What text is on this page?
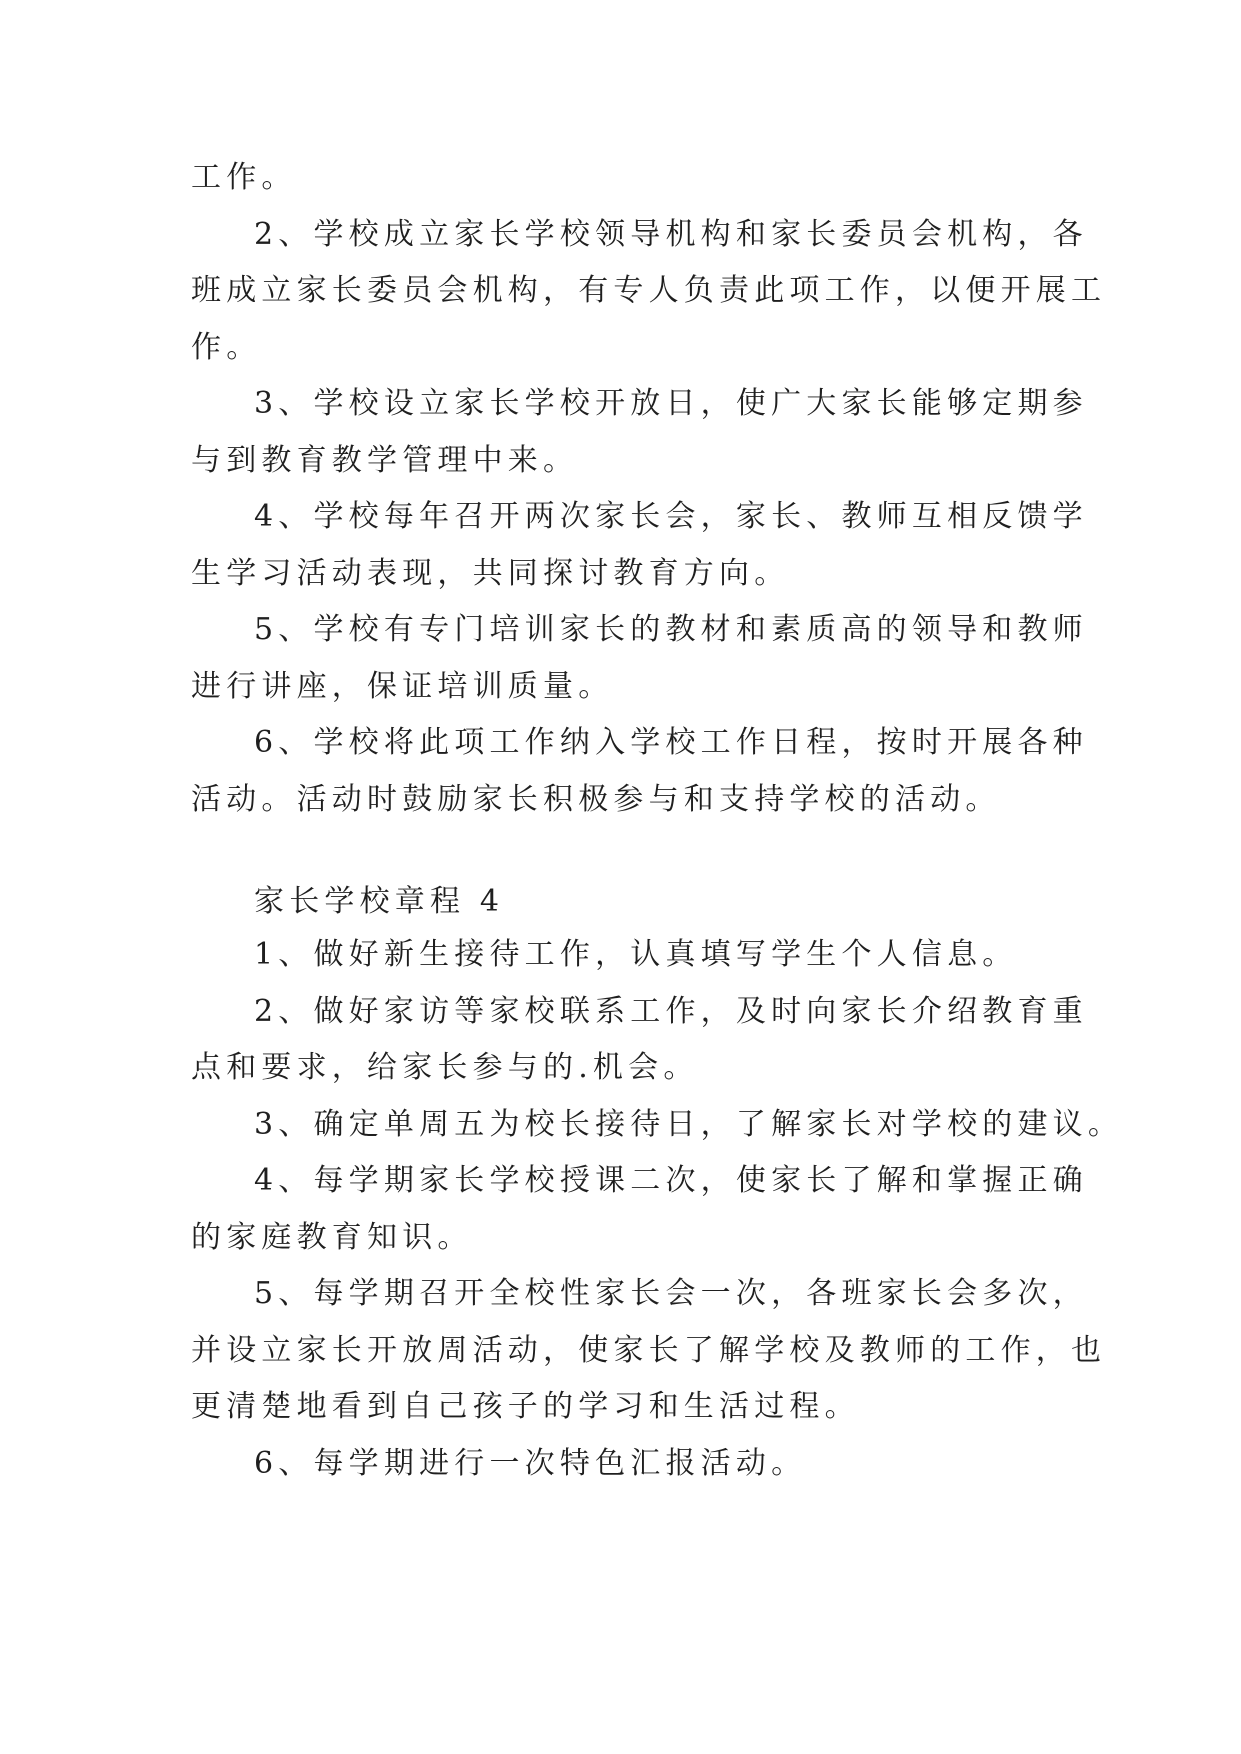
工作。
2、学校成立家长学校领导机构和家长委员会机构，各
班成立家长委员会机构，有专人负责此项工作，以便开展工
作。
3、学校设立家长学校开放日，使广大家长能够定期参
与到教育教学管理中来。
4、学校每年召开两次家长会，家长、教师互相反馈学
生学习活动表现，共同探讨教育方向。
5、学校有专门培训家长的教材和素质高的领导和教师
进行讲座，保证培训质量。
6、学校将此项工作纳入学校工作日程，按时开展各种
活动。活动时鼓励家长积极参与和支持学校的活动。
家长学校章程 4
1、做好新生接待工作，认真填写学生个人信息。
2、做好家访等家校联系工作，及时向家长介绍教育重
点和要求，给家长参与的.机会。
3、确定单周五为校长接待日，了解家长对学校的建议。
4、每学期家长学校授课二次，使家长了解和掌握正确
的家庭教育知识。
5、每学期召开全校性家长会一次，各班家长会多次，
并设立家长开放周活动，使家长了解学校及教师的工作，也
更清楚地看到自己孩子的学习和生活过程。
6、每学期进行一次特色汇报活动。
